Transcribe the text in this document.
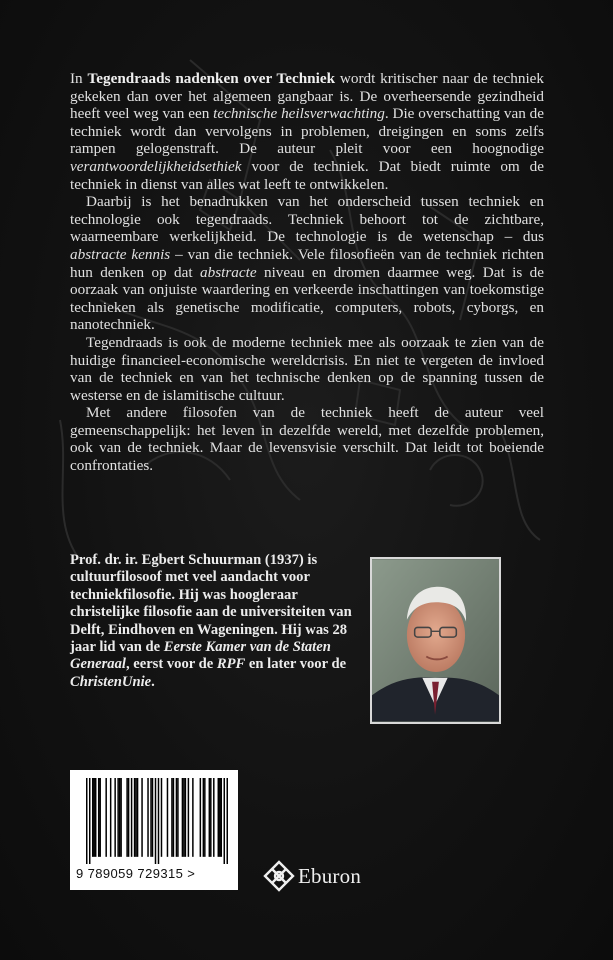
In Tegendraads nadenken over Techniek wordt kritischer naar de techniek gekeken dan over het algemeen gangbaar is. De overheersende gezindheid heeft veel weg van een technische heilsverwachting. Die overschatting van de techniek wordt dan vervolgens in problemen, dreigingen en soms zelfs rampen gelogenstraft. De auteur pleit voor een hoognodige verantwoordelijkheidsethiek voor de techniek. Dat biedt ruimte om de techniek in dienst van alles wat leeft te ontwikkelen.

Daarbij is het benadrukken van het onderscheid tussen techniek en technologie ook tegendraads. Techniek behoort tot de zichtbare, waarneembare werkelijkheid. De technologie is de wetenschap – dus abstracte kennis – van die techniek. Vele filosofieën van de techniek richten hun denken op dat abstracte niveau en dromen daarmee weg. Dat is de oorzaak van onjuiste waardering en verkeerde inschattingen van toekomstige technieken als genetische modificatie, computers, robots, cyborgs, en nanotechniek.

Tegendraads is ook de moderne techniek mee als oorzaak te zien van de huidige financieel-economische wereldcrisis. En niet te vergeten de invloed van de techniek en van het technische denken op de spanning tussen de westerse en de islamitische cultuur.

Met andere filosofen van de techniek heeft de auteur veel gemeenschappelijk: het leven in dezelfde wereld, met dezelfde problemen, ook van de techniek. Maar de levensvisie verschilt. Dat leidt tot boeiende confrontaties.

Prof. dr. ir. Egbert Schuurman (1937) is cultuurfilosoof met veel aandacht voor techniekfilosofie. Hij was hoogleraar christelijke filosofie aan de universiteiten van Delft, Eindhoven en Wageningen. Hij was 28 jaar lid van de Eerste Kamer van de Staten Generaal, eerst voor de RPF en later voor de ChristenUnie.
9 789059 729315 >	Eburon
